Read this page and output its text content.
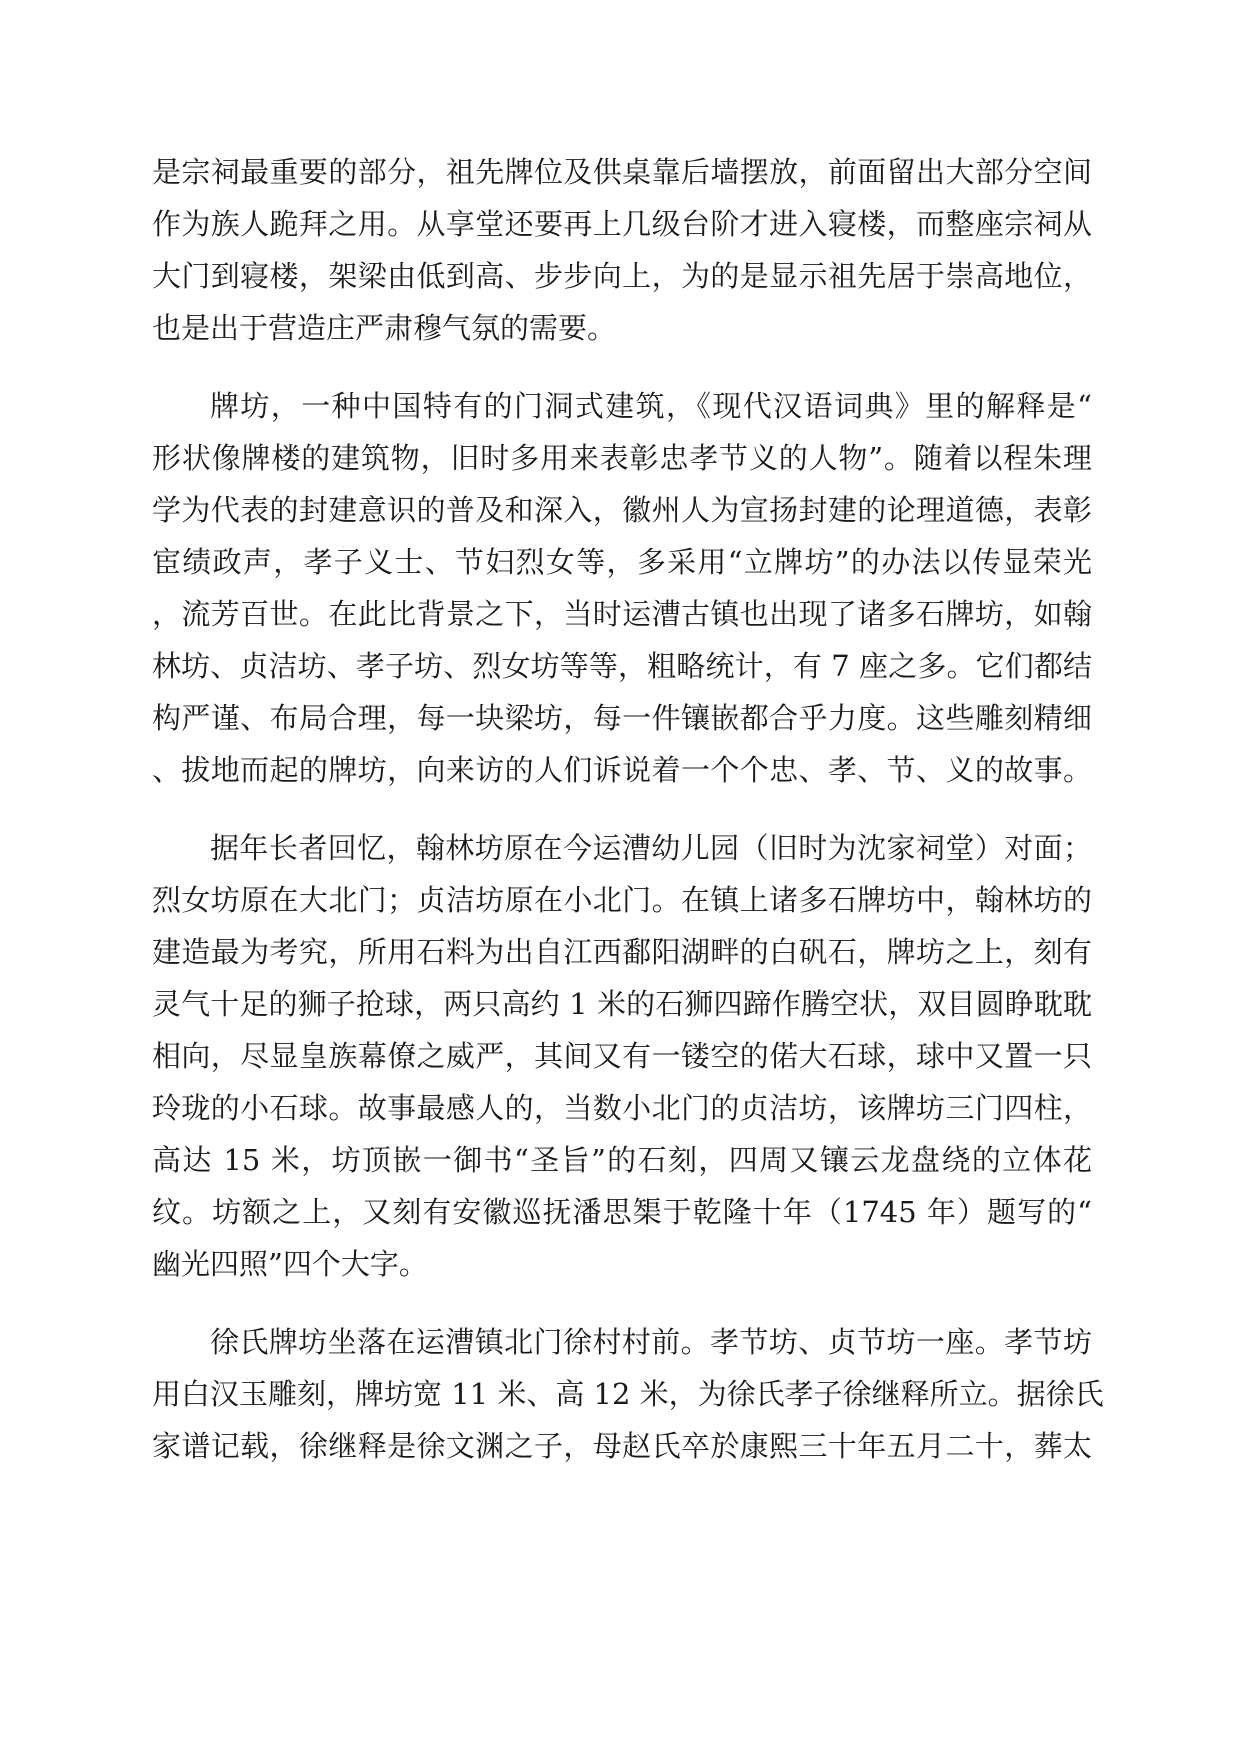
是宗祠最重要的部分，祖先牌位及供桌靠后墙摆放，前面留出大部分空间
作为族人跪拜之用。从享堂还要再上几级台阶才进入寝楼，而整座宗祠从
大门到寝楼，架梁由低到高、步步向上，为的是显示祖先居于崇高地位，
也是出于营造庄严肃穆气氛的需要。
牌坊，一种中国特有的门洞式建筑，《现代汉语词典》里的解释是“
形状像牌楼的建筑物，旧时多用来表彰忠孝节义的人物”。随着以程朱理
学为代表的封建意识的普及和深入，徽州人为宣扬封建的论理道德，表彰
宦绩政声，孝子义士、节妇烈女等，多采用“立牌坊”的办法以传显荣光
，流芳百世。在此比背景之下，当时运漕古镇也出现了诸多石牌坊，如翰
林坊、贞洁坊、孝子坊、烈女坊等等，粗略统计，有 7 座之多。它们都结
构严谨、布局合理，每一块梁坊，每一件镶嵌都合乎力度。这些雕刻精细
、拔地而起的牌坊，向来访的人们诉说着一个个忠、孝、节、义的故事。
据年长者回忆，翰林坊原在今运漕幼儿园（旧时为沈家祠堂）对面；
烈女坊原在大北门；贞洁坊原在小北门。在镇上诸多石牌坊中，翰林坊的
建造最为考究，所用石料为出自江西鄱阳湖畔的白矾石，牌坊之上，刻有
灵气十足的狮子抢球，两只高约 1 米的石狮四蹄作腾空状，双目圆睁耽耽
相向，尽显皇族幕僚之威严，其间又有一镂空的偌大石球，球中又置一只
玲珑的小石球。故事最感人的，当数小北门的贞洁坊，该牌坊三门四柱，
高达 15 米，坊顶嵌一御书“圣旨”的石刻，四周又镶云龙盘绕的立体花
纹。坊额之上，又刻有安徽巡抚潘思榘于乾隆十年（1745 年）题写的“
幽光四照”四个大字。
徐氏牌坊坐落在运漕镇北门徐村村前。孝节坊、贞节坊一座。孝节坊
用白汉玉雕刻，牌坊宽 11 米、高 12 米，为徐氏孝子徐继释所立。据徐氏
家谱记载，徐继释是徐文渊之子，母赵氏卒於康熙三十年五月二十，葬太
